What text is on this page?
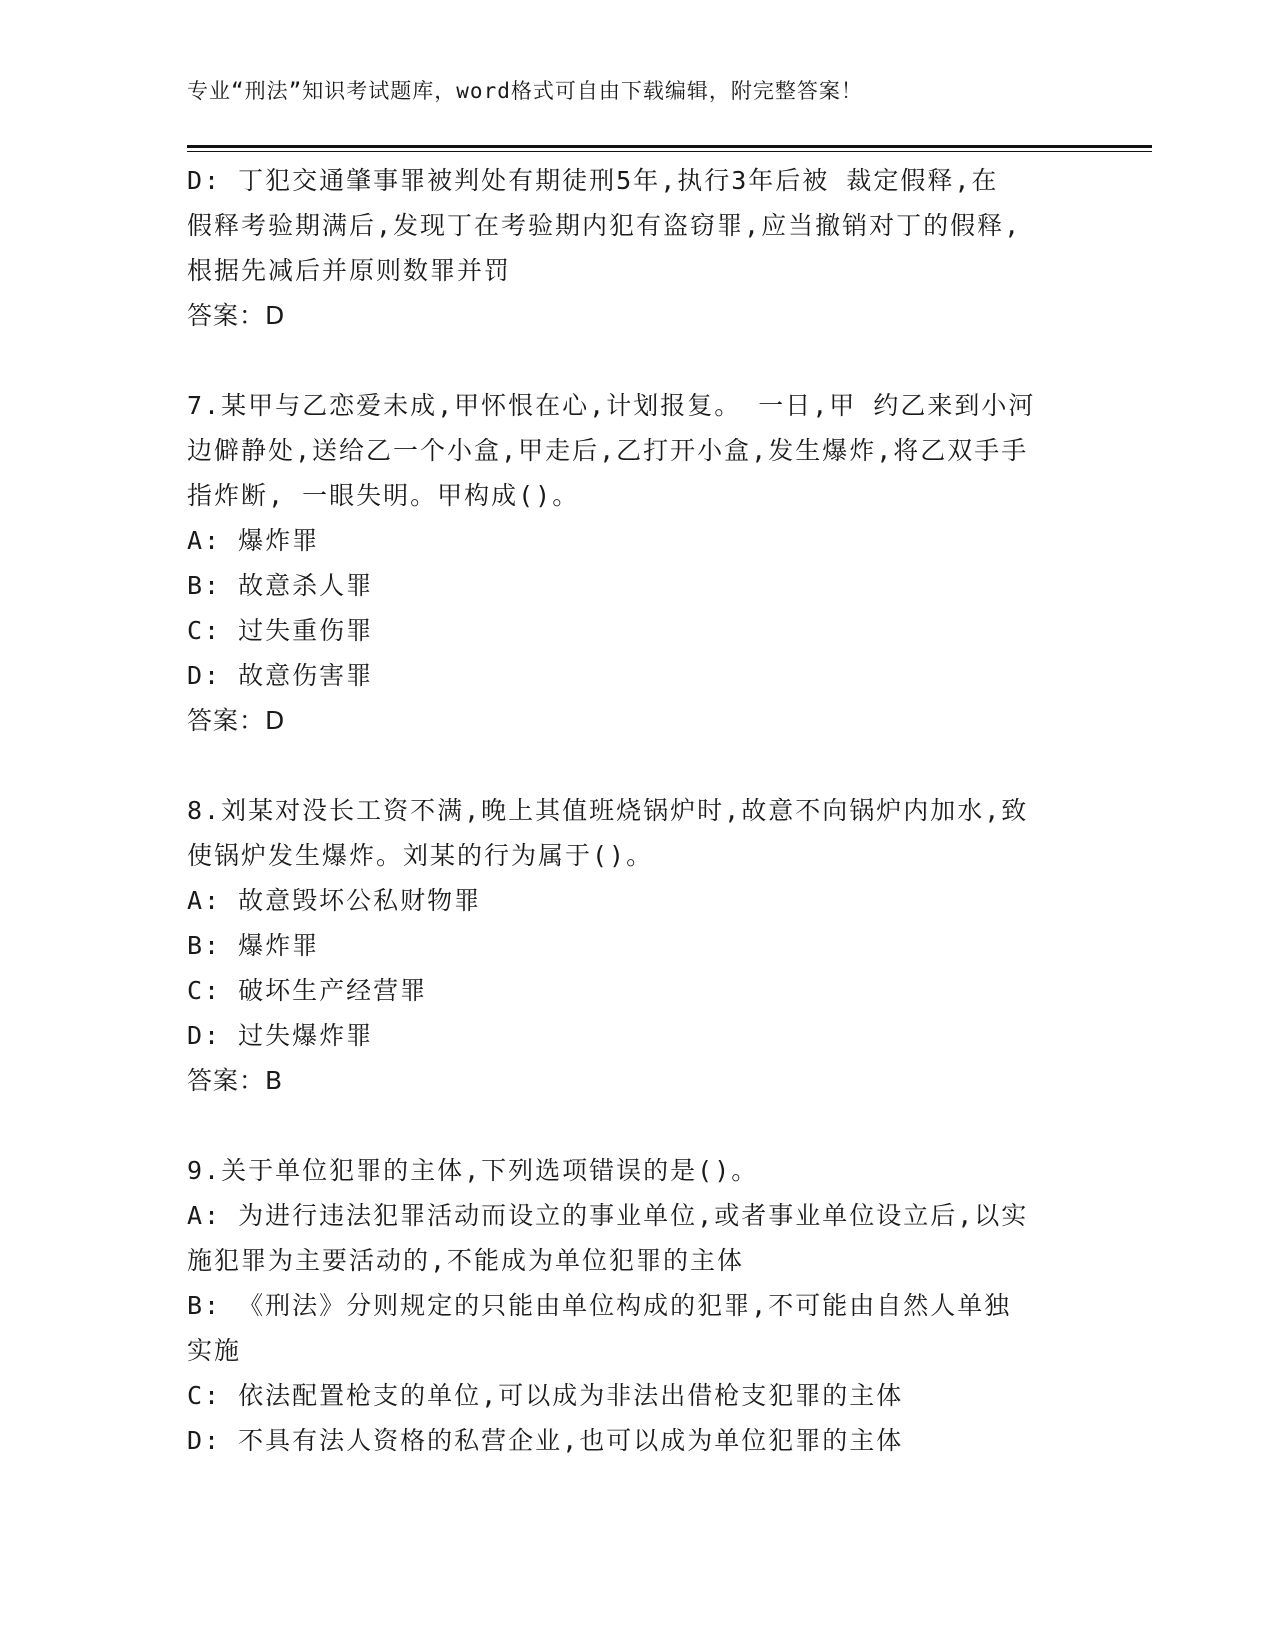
专业“刑法”知识考试题库，word格式可自由下载编辑，附完整答案！
D: 丁犯交通肇事罪被判处有期徒刑5年,执行3年后被 裁定假释,在
假释考验期满后,发现丁在考验期内犯有盗窃罪,应当撤销对丁的假释,
根据先减后并原则数罪并罚
答案：D
7.某甲与乙恋爱未成,甲怀恨在心,计划报复。 一日,甲 约乙来到小河
边僻静处,送给乙一个小盒,甲走后,乙打开小盒,发生爆炸,将乙双手手
指炸断, 一眼失明。甲构成()。
A: 爆炸罪
B: 故意杀人罪
C: 过失重伤罪
D: 故意伤害罪
答案：D
8.刘某对没长工资不满,晚上其值班烧锅炉时,故意不向锅炉内加水,致
使锅炉发生爆炸。刘某的行为属于()。
A: 故意毁坏公私财物罪
B: 爆炸罪
C: 破坏生产经营罪
D: 过失爆炸罪
答案：B
9.关于单位犯罪的主体,下列选项错误的是()。
A: 为进行违法犯罪活动而设立的事业单位,或者事业单位设立后,以实
施犯罪为主要活动的,不能成为单位犯罪的主体
B: 《刑法》分则规定的只能由单位构成的犯罪,不可能由自然人单独
实施
C: 依法配置枪支的单位,可以成为非法出借枪支犯罪的主体
D: 不具有法人资格的私营企业,也可以成为单位犯罪的主体
